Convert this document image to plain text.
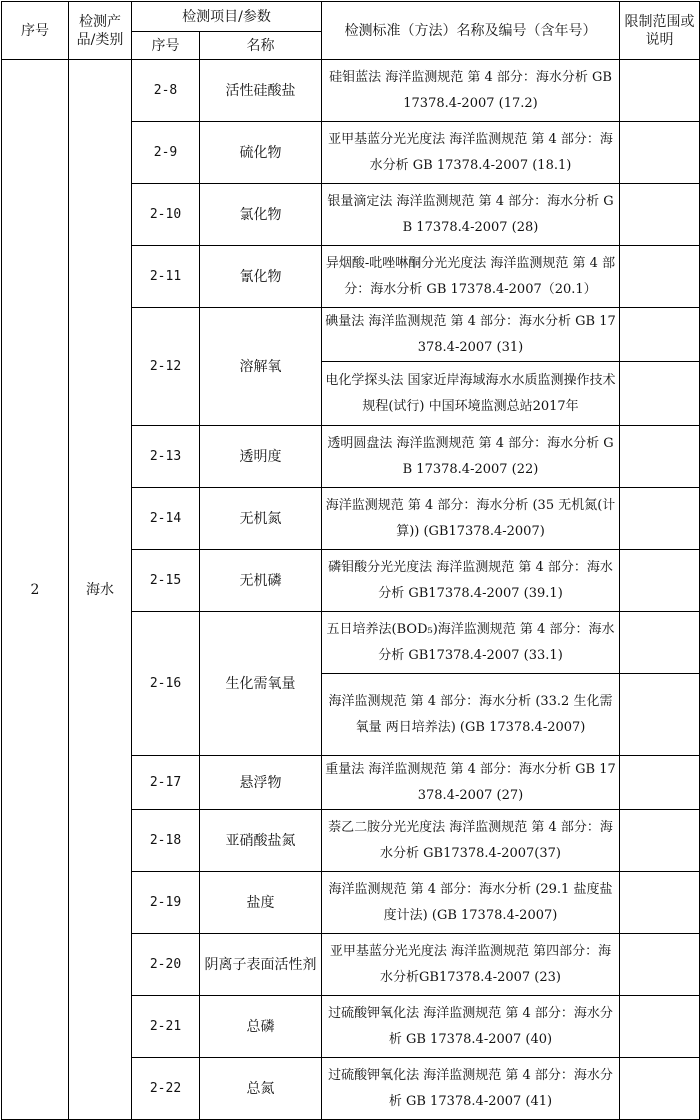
序号	检测产品/类别	检测项目/参数		检测标准（方法）名称及编号（含年号）	限制范围或说明
		序号	名称		
2	海水	2-8	活性硅酸盐	硅钼蓝法 海洋监测规范 第 4 部分：海水分析 GB 17378.4-2007 (17.2)	
		2-9	硫化物	亚甲基蓝分光光度法 海洋监测规范 第 4 部分：海水分析 GB 17378.4-2007 (18.1)	
		2-10	氯化物	银量滴定法 海洋监测规范 第 4 部分：海水分析 GB 17378.4-2007 (28)	
		2-11	氰化物	异烟酸-吡唑啉酮分光光度法 海洋监测规范 第 4 部分：海水分析 GB 17378.4-2007（20.1）	
		2-12	溶解氧	碘量法 海洋监测规范 第 4 部分：海水分析 GB 17378.4-2007 (31)	
				电化学探头法 国家近岸海域海水水质监测操作技术规程(试行) 中国环境监测总站2017年	
		2-13	透明度	透明圆盘法 海洋监测规范 第 4 部分：海水分析 GB 17378.4-2007 (22)	
		2-14	无机氮	海洋监测规范 第 4 部分：海水分析 (35 无机氮(计算)) (GB17378.4-2007)	
		2-15	无机磷	磷钼酸分光光度法 海洋监测规范 第 4 部分：海水分析 GB17378.4-2007 (39.1)	
		2-16	生化需氧量	五日培养法(BOD₅)海洋监测规范 第 4 部分：海水分析 GB17378.4-2007 (33.1)	
				海洋监测规范 第 4 部分：海水分析 (33.2 生化需氧量 两日培养法) (GB 17378.4-2007)	
		2-17	悬浮物	重量法 海洋监测规范 第 4 部分：海水分析 GB 17378.4-2007 (27)	
		2-18	亚硝酸盐氮	萘乙二胺分光光度法 海洋监测规范 第 4 部分：海水分析 GB17378.4-2007(37)	
		2-19	盐度	海洋监测规范 第 4 部分：海水分析 (29.1 盐度盐度计法) (GB 17378.4-2007)	
		2-20	阴离子表面活性剂	亚甲基蓝分光光度法 海洋监测规范 第四部分：海水分析GB17378.4-2007 (23)	
		2-21	总磷	过硫酸钾氧化法 海洋监测规范 第 4 部分：海水分析 GB 17378.4-2007 (40)	
		2-22	总氮	过硫酸钾氧化法 海洋监测规范 第 4 部分：海水分析 GB 17378.4-2007 (41)	
